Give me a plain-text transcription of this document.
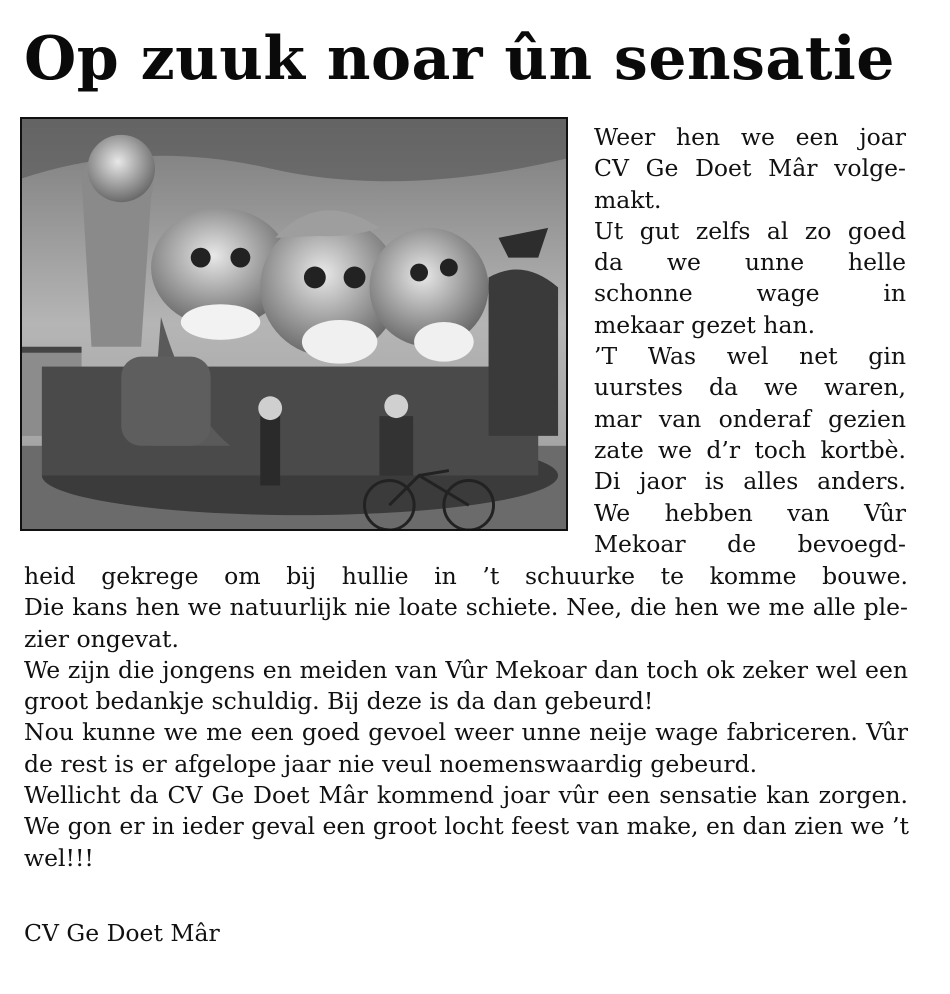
Op zuuk noar ûn sensatie
Weer hen we een joar
CV Ge Doet Mâr volge-
makt.
Ut gut zelfs al zo goed
da we unne helle
schonne wage in
mekaar gezet han.
’T Was wel net gin
uurstes da we waren,
mar van onderaf gezien
zate we d’r toch kortbè.
Di jaor is alles anders.
We hebben van Vûr
Mekoar de bevoegd-
heid gekrege om bij hullie in ’t schuurke te komme bouwe.
Die kans hen we natuurlijk nie loate schiete. Nee, die hen we me alle ple-
zier ongevat.
We zijn die jongens en meiden van Vûr Mekoar dan toch ok zeker wel een
groot bedankje schuldig. Bij deze is da dan gebeurd!
Nou kunne we me een goed gevoel weer unne neije wage fabriceren. Vûr
de rest is er afgelope jaar nie veul noemenswaardig gebeurd.
Wellicht da CV Ge Doet Mâr kommend joar vûr een sensatie kan zorgen.
We gon er in ieder geval een groot locht feest van make, en dan zien we ’t
wel!!!
CV Ge Doet Mâr
